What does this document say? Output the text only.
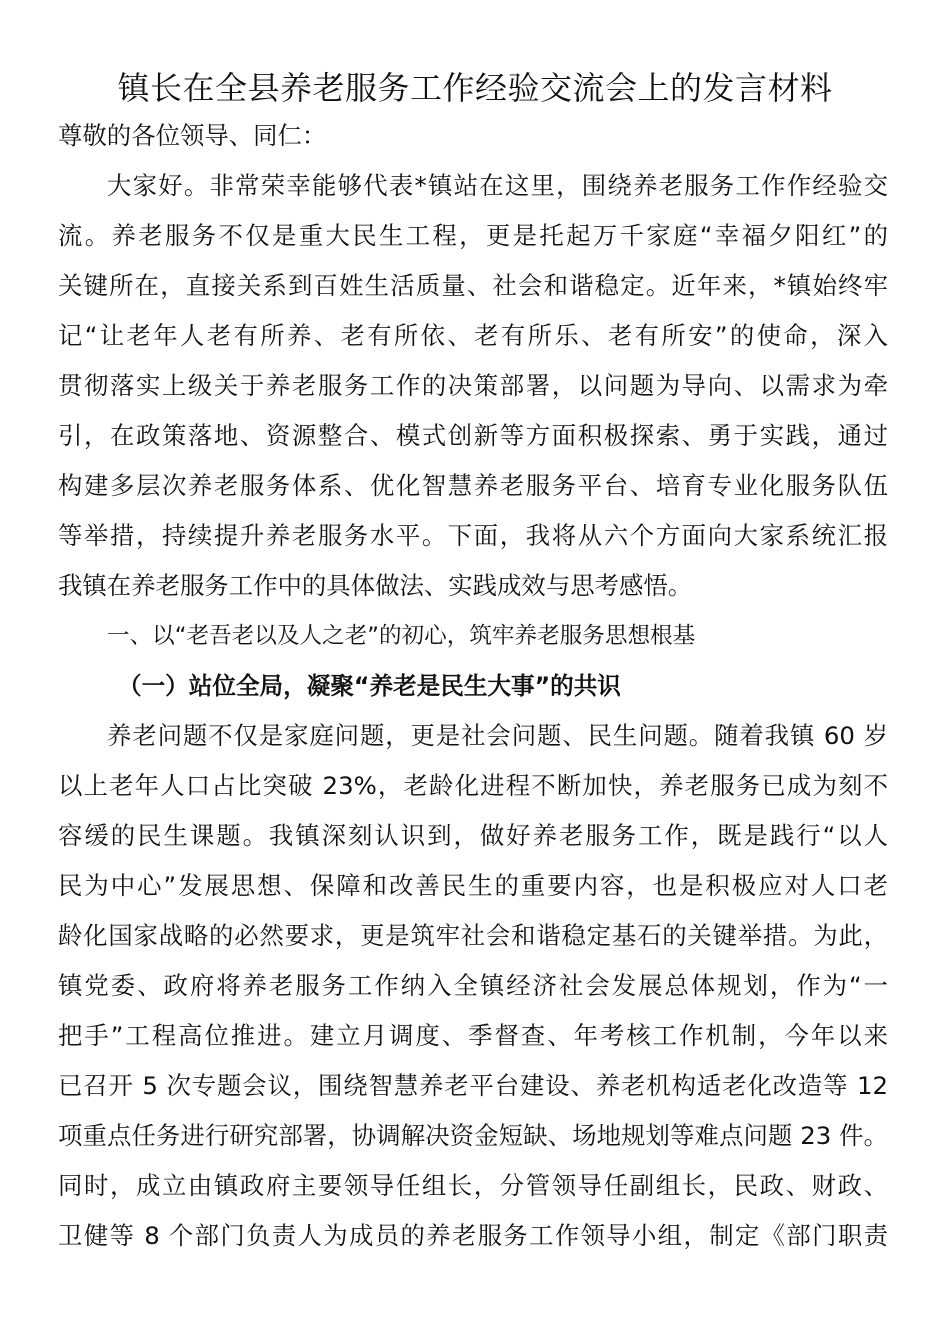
镇长在全县养老服务工作经验交流会上的发言材料

尊敬的各位领导、同仁：

大家好。非常荣幸能够代表*镇站在这里，围绕养老服务工作作经验交

流。养老服务不仅是重大民生工程，更是托起万千家庭“幸福夕阳红”的

关键所在，直接关系到百姓生活质量、社会和谐稳定。近年来，*镇始终牢

记“让老年人老有所养、老有所依、老有所乐、老有所安”的使命，深入

贯彻落实上级关于养老服务工作的决策部署，以问题为导向、以需求为牵

引，在政策落地、资源整合、模式创新等方面积极探索、勇于实践，通过

构建多层次养老服务体系、优化智慧养老服务平台、培育专业化服务队伍

等举措，持续提升养老服务水平。下面，我将从六个方面向大家系统汇报

我镇在养老服务工作中的具体做法、实践成效与思考感悟。

一、以“老吾老以及人之老”的初心，筑牢养老服务思想根基

（一）站位全局，凝聚“养老是民生大事”的共识

养老问题不仅是家庭问题，更是社会问题、民生问题。随着我镇 60 岁

以上老年人口占比突破 23%，老龄化进程不断加快，养老服务已成为刻不

容缓的民生课题。我镇深刻认识到，做好养老服务工作，既是践行“以人

民为中心”发展思想、保障和改善民生的重要内容，也是积极应对人口老

龄化国家战略的必然要求，更是筑牢社会和谐稳定基石的关键举措。为此，

镇党委、政府将养老服务工作纳入全镇经济社会发展总体规划，作为“一

把手”工程高位推进。建立月调度、季督查、年考核工作机制，今年以来

已召开 5 次专题会议，围绕智慧养老平台建设、养老机构适老化改造等 12

项重点任务进行研究部署，协调解决资金短缺、场地规划等难点问题 23 件。

同时，成立由镇政府主要领导任组长，分管领导任副组长，民政、财政、

卫健等 8 个部门负责人为成员的养老服务工作领导小组，制定《部门职责
